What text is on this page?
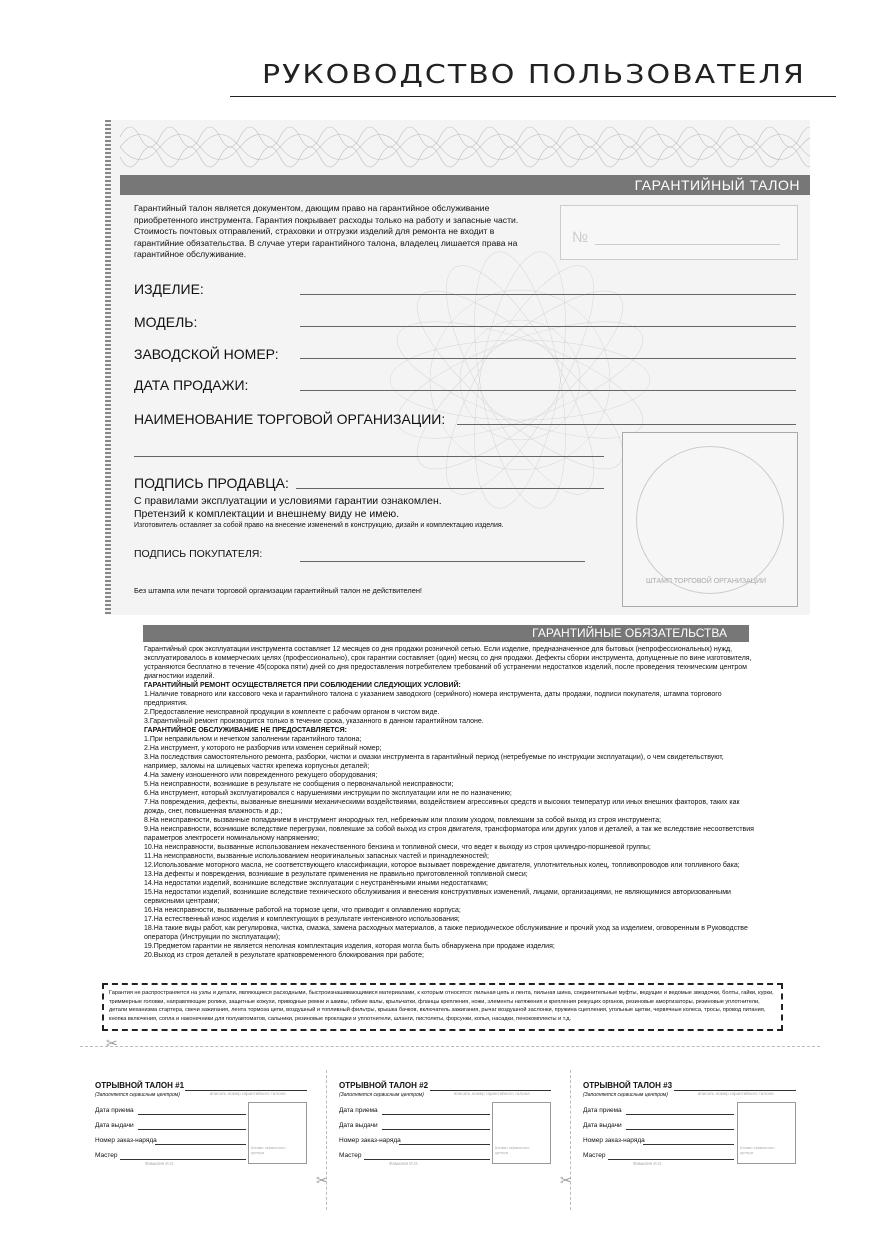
РУКОВОДСТВО ПОЛЬЗОВАТЕЛЯ
ГАРАНТИЙНЫЙ ТАЛОН
Гарантийный талон является документом, дающим право на гарантийное обслуживание приобретенного инструмента. Гарантия покрывает расходы только на работу и запасные части. Стоимость почтовых отправлений, страховки и отгрузки изделий для ремонта не входит в гарантийние обязательства. В случае утери гарантийного талона, владелец лишается права на гарантийное обслуживание.
№
ИЗДЕЛИЕ:
МОДЕЛЬ:
ЗАВОДСКОЙ НОМЕР:
ДАТА ПРОДАЖИ:
НАИМЕНОВАНИЕ ТОРГОВОЙ ОРГАНИЗАЦИИ:
ПОДПИСЬ ПРОДАВЦА:
С правилами эксплуатации и условиями гарантии ознакомлен.
Претензий к комплектации и внешнему виду не имею.
Изготовитель оставляет за собой право на внесение изменений в конструкцию, дизайн и комплектацию изделия.
ПОДПИСЬ ПОКУПАТЕЛЯ:
Без штампа или печати торговой организации гарантийный талон не действителен!
ШТАМП ТОРГОВОЙ ОРГАНИЗАЦИИ
ГАРАНТИЙНЫЕ ОБЯЗАТЕЛЬСТВА

Гарантийный срок эксплуатации инструмента составляет 12 месяцев со дня продажи розничной сетью. Если изделие, предназначенное для бытовых (непрофессиональных) нужд, эксплуатировалось в коммерческих целях (профессионально), срок гарантии составляет (один) месяц со дня продажи. Дефекты сборки инструмента, допущенные по вине изготовителя, устраняются бесплатно в течение 45(сорока пяти) дней со дня предоставления потребителем требований об устранении недостатков изделий, после проведения техническим центром диагностики изделий.

ГАРАНТИЙНЫЙ РЕМОНТ ОСУЩЕСТВЛЯЕТСЯ ПРИ СОБЛЮДЕНИИ СЛЕДУЮЩИХ УСЛОВИЙ:

1.Наличие товарного или кассового чека и гарантийного талона с указанием заводского (серийного) номера инструмента, даты продажи, подписи покупателя, штампа торгового предприятия.

2.Предоставление неисправной продукции в комплекте с рабочим органом в чистом виде.

3.Гарантийный ремонт производится только в течение срока, указанного в данном гарантийном талоне.

ГАРАНТИЙНОЕ ОБСЛУЖИВАНИЕ НЕ ПРЕДОСТАВЛЯЕТСЯ:

1.При неправильном и нечетком заполнении гарантийного талона;

2.На инструмент, у которого не разборчив или изменен серийный номер;

3.На последствия самостоятельного ремонта, разборки, чистки и смазки инструмента в гарантийный период (нетребуемые по инструкции эксплуатации), о чем свидетельствуют, например, заломы на шлицевых частях крепежа корпусных деталей;

4.На замену изношенного или поврежденного режущего оборудования;

5.На неисправности, возникшие в результате не сообщения о первоначальной неисправности;

6.На инструмент, который эксплуатировался с нарушениями инструкции по эксплуатации или не по назначению;

7.На повреждения, дефекты, вызванные внешними механическими воздействиями, воздействием агрессивных средств и высоких температур или иных внешних факторов, таких как дождь, снег, повышенная влажность и др.;

8.На неисправности, вызванные попаданием в инструмент инородных тел, небрежным или плохим уходом, повлекшим за собой выход из строя инструмента;

9.На неисправности, возникшие вследствие перегрузки, повлекшие за собой выход из строя двигателя, трансформатора или других узлов и деталей, а так же вследствие несоответствия параметров электросети номинальному напряжению;

10.На неисправности, вызванные использованием некачественного бензина и топливной смеси, что ведет к выходу из строя цилиндро-поршневой группы;

11.На неисправности, вызванные использованием неоригинальных запасных частей и принадлежностей;

12.Использование моторного масла, не соответствующего классификации, которое вызывает повреждение двигателя, уплотнительных колец, топливопроводов или топливного бака;

13.На дефекты и повреждения, возникшие в результате применения не правильно приготовленной топливной смеси;

14.На недостатки изделий, возникшие вследствие эксплуатации с неустранёнными иными недостатками;

15.На недостатки изделий, возникшие вследствие технического обслуживания и внесения конструктивных изменений, лицами, организациями, не являющимися авторизованными сервисными центрами;

16.На неисправности, вызванные работой на тормозе цепи, что приводит к оплавлению корпуса;

17.На естественный износ изделия и комплектующих в результате интенсивного использования;

18.На такие виды работ, как регулировка, чистка, смазка, замена расходных материалов, а также периодическое обслуживание и прочий уход за изделием, оговоренным в Руководстве оператора (Инструкции по эксплуатации);

19.Предметом гарантии не является неполная комплектация изделия, которая могла быть обнаружена при продаже изделия;

20.Выход из строя деталей в результате кратковременного блокирования при работе;

Гарантия не распространяется на узлы и детали, являющиеся расходными, быстроизнашивающимися материалами, к которым относятся: пильная цепь и лента, пильная шина, соединительные муфты, ведущие и ведомые звездочки, болты, гайки, курки, триммерные головки, направляющие ролики, защитные кожухи, приводные ремни и шкивы, гибкие валы, крыльчатки, фланцы крепления, ножи, элементы натяжения и крепления режущих органов, резиновые амортизаторы, резиновые уплотнители, детали механизма стартера, свечи зажигания, лента тормоза цепи, воздушный и топливный фильтры, крышка бачков, включатель зажигания, рычаг воздушной заслонки, пружина сцепления, угольные щетки, червячные колеса, тросы, провод питания, кнопка включения, сопла и наконечники для полуавтоматов, сальники, резиновые прокладки и уплотнители, шланги, пистолеты, форсунки, копья, насадки, пенокомплекты и т.д.
✂
✂	✂
ОТРЫВНОЙ ТАЛОН #1
(Заполняется сервисным центром)	вписать номер гарантийного талона
Дата приема
Дата выдачи
Номер заказ-наряда
Мастер
Фамилия И.О.
Штамп сервисного центра
ОТРЫВНОЙ ТАЛОН #2
(Заполняется сервисным центром)	вписать номер гарантийного талона
Дата приема
Дата выдачи
Номер заказ-наряда
Мастер
Фамилия И.О.
Штамп сервисного центра
ОТРЫВНОЙ ТАЛОН #3
(Заполняется сервисным центром)	вписать номер гарантийного талона
Дата приема
Дата выдачи
Номер заказ-наряда
Мастер
Фамилия И.О.
Штамп сервисного центра
